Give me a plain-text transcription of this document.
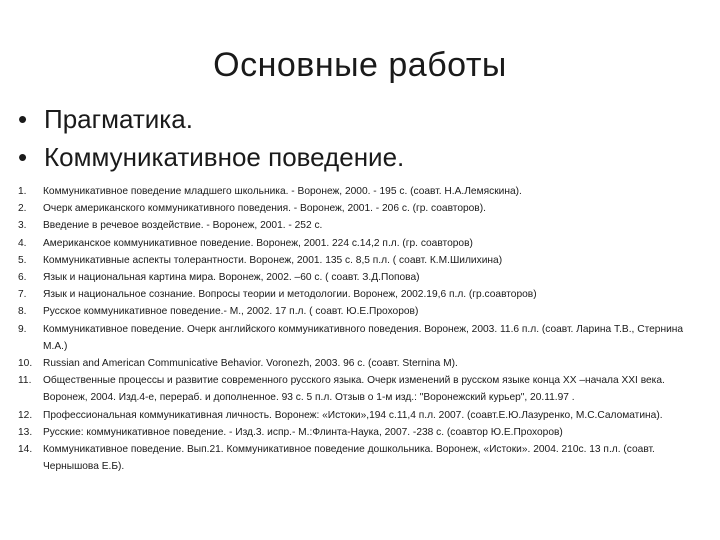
Основные работы
• Прагматика.
• Коммуникативное поведение.
1. Коммуникативное поведение младшего школьника. - Воронеж, 2000. - 195 с. (соавт. Н.А.Лемяскина).
2. Очерк американского коммуникативного поведения. - Воронеж, 2001. - 206 с. (гр. соавторов).
3. Введение в речевое воздействие. - Воронеж, 2001. - 252 с.
4. Американское коммуникативное поведение. Воронеж, 2001. 224 с.14,2 п.л. (гр. соавторов)
5. Коммуникативные аспекты толерантности. Воронеж, 2001. 135 с. 8,5 п.л. ( соавт. К.М.Шилихина)
6. Язык и национальная картина мира. Воронеж, 2002. –60 с. ( соавт. З.Д.Попова)
7. Язык и национальное сознание. Вопросы теории и методологии. Воронеж, 2002.19,6 п.л. (гр.соавторов)
8. Русское коммуникативное поведение.- М., 2002. 17 п.л. ( соавт. Ю.Е.Прохоров)
9. Коммуникативное поведение. Очерк английского коммуникативного поведения. Воронеж, 2003. 11.6 п.л. (соавт. Ларина Т.В., Стернина М.А.)
10. Russian and American Communicative Behavior. Voronezh, 2003. 96 с. (соавт. Sternina M).
11. Общественные процессы и развитие современного русского языка. Очерк изменений в русском языке конца XX –начала XXI века. Воронеж, 2004. Изд.4-е, перераб. и дополненное. 93 с. 5 п.л. Отзыв о 1-м изд.: "Воронежский курьер", 20.11.97 .
12. Профессиональная коммуникативная личность. Воронеж: «Истоки»,194 с.11,4 п.л. 2007. (соавт.Е.Ю.Лазуренко, М.С.Саломатина).
13. Русские: коммуникативное поведение. - Изд.3. испр.- М.:Флинта-Наука, 2007. -238 с. (соавтор Ю.Е.Прохоров)
14. Коммуникативное поведение. Вып.21. Коммуникативное поведение дошкольника. Воронеж, «Истоки». 2004. 210с. 13 п.л. (соавт. Чернышова Е.Б).
